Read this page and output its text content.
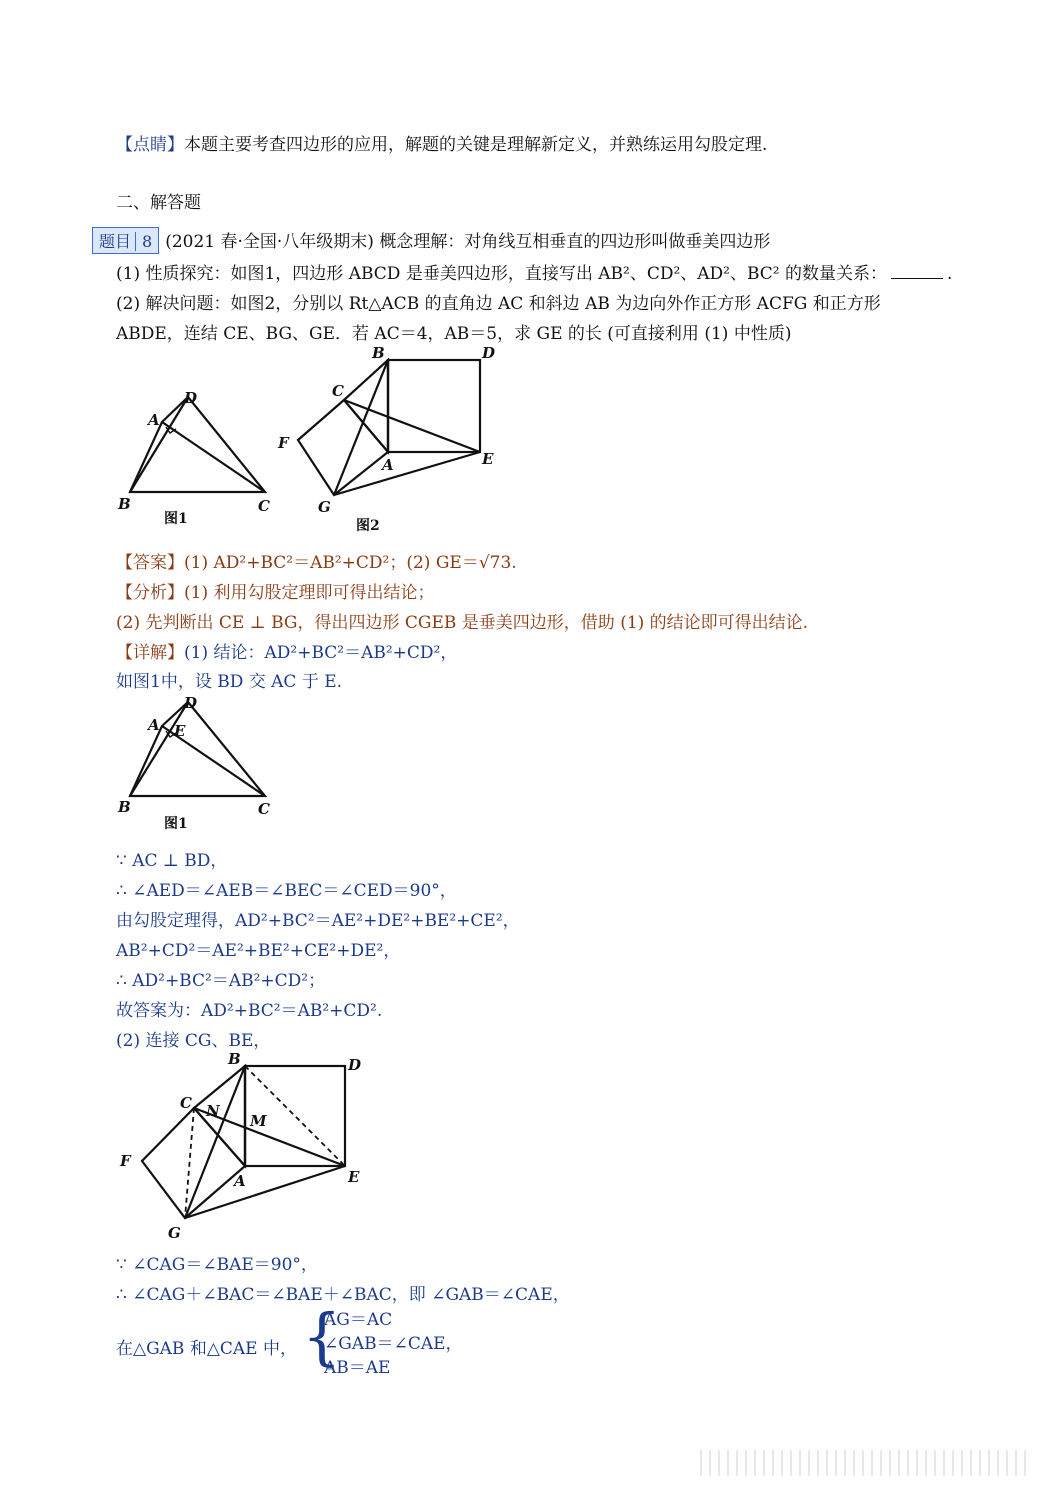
【点睛】本题主要考查四边形的应用，解题的关键是理解新定义，并熟练运用勾股定理.
二、解答题
题目 8 (2021 春·全国·八年级期末) 概念理解：对角线互相垂直的四边形叫做垂美四边形
(1) 性质探究：如图1，四边形 ABCD 是垂美四边形，直接写出 AB²、CD²、AD²、BC² 的数量关系：	.
(2) 解决问题：如图2，分别以 Rt△ACB 的直角边 AC 和斜边 AB 为边向外作正方形 ACFG 和正方形
ABDE，连结 CE、BG、GE．若 AC＝4，AB＝5，求 GE 的长 (可直接利用 (1) 中性质)
A
D
B	C
图1
B	D
C
F
A	E
G
图2
【答案】(1) AD²+BC²＝AB²+CD²；(2) GE＝√73.
【分析】(1) 利用勾股定理即可得出结论；
(2) 先判断出 CE ⊥ BG，得出四边形 CGEB 是垂美四边形，借助 (1) 的结论即可得出结论.
【详解】(1) 结论：AD²+BC²＝AB²+CD²，
如图1中，设 BD 交 AC 于 E.
A E
D
B	C
图1
∵ AC ⊥ BD，
∴ ∠AED＝∠AEB＝∠BEC＝∠CED＝90°，
由勾股定理得，AD²+BC²＝AE²+DE²+BE²+CE²，
AB²+CD²＝AE²+BE²+CE²+DE²，
∴ AD²+BC²＝AB²+CD²；
故答案为：AD²+BC²＝AB²+CD².
(2) 连接 CG、BE，
B	D
C N
M
F
A	E
G
∵ ∠CAG＝∠BAE＝90°，
∴ ∠CAG＋∠BAC＝∠BAE＋∠BAC，即 ∠GAB＝∠CAE，
在△GAB 和△CAE 中， {
AG＝AC
∠GAB＝∠CAE，
AB＝AE
